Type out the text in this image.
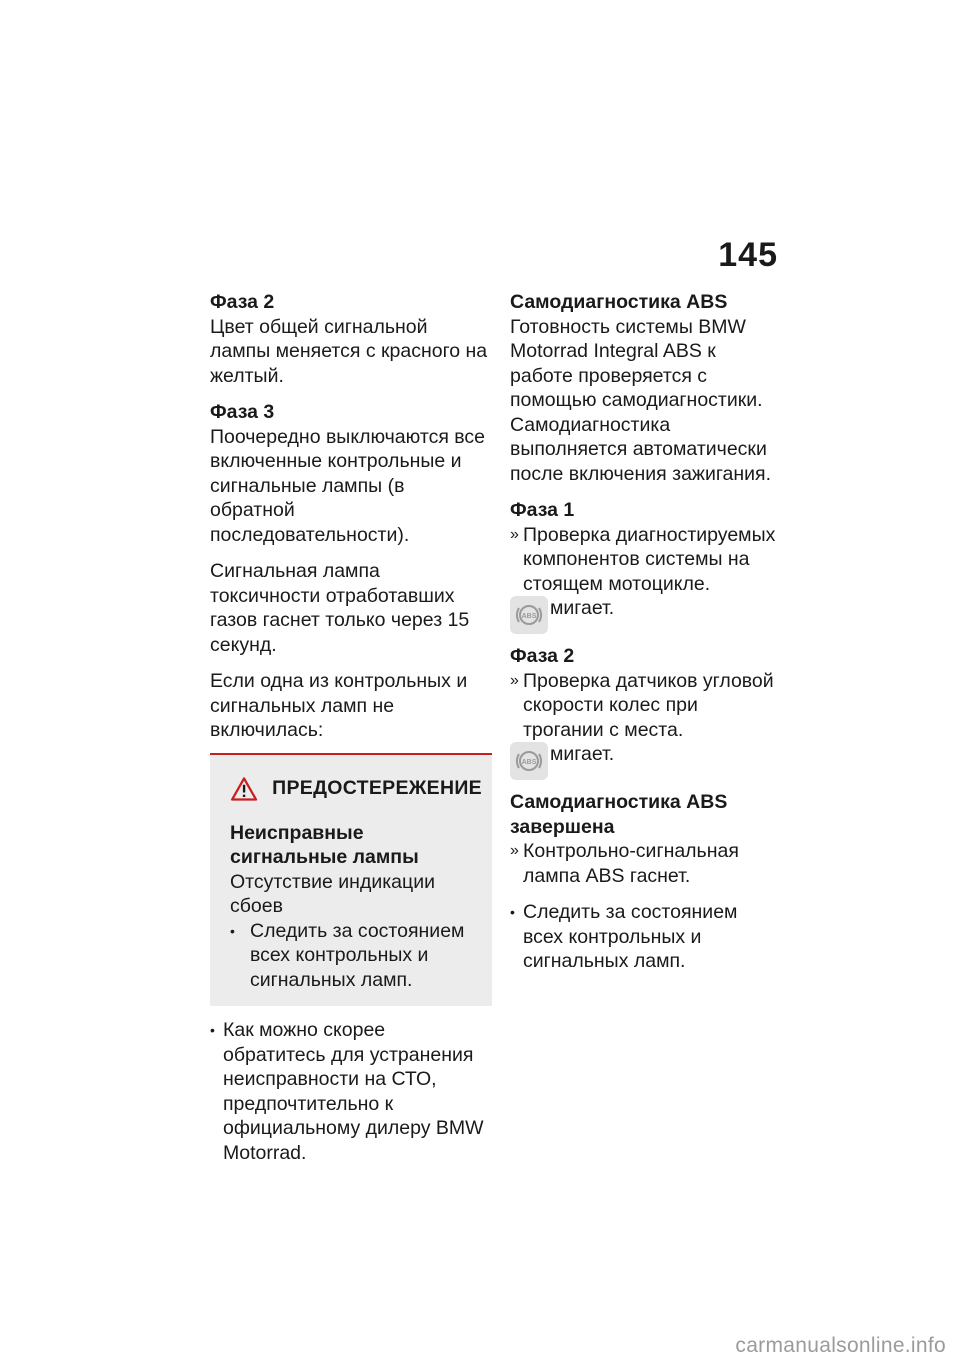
145

Фаза 2

Цвет общей сигнальной лампы меняется с красного на желтый.

Фаза 3

Поочередно выключаются все включенные контрольные и сигнальные лампы (в обратной последовательности).

Сигнальная лампа токсичности отработавших газов гаснет только через 15 секунд.

Если одна из контрольных и сигнальных ламп не включилась:

ПРЕДОСТЕРЕЖЕНИЕ

Неисправные сигнальные лампы

Отсутствие индикации сбоев

• Следить за состоянием всех контрольных и сигнальных ламп.

• Как можно скорее обратитесь для устранения неисправности на СТО, предпочтительно к официальному дилеру BMW Motorrad.

Самодиагностика ABS

Готовность системы BMW Motorrad Integral ABS к работе проверяется с помощью самодиагностики. Самодиагностика выполняется автоматически после включения зажигания.

Фаза 1

» Проверка диагностируемых компонентов системы на стоящем мотоцикле.

ABS мигает.

Фаза 2

» Проверка датчиков угловой скорости колес при трогании с места.

ABS мигает.

Самодиагностика ABS завершена

» Контрольно-сигнальная лампа ABS гаснет.

• Следить за состоянием всех контрольных и сигнальных ламп.

carmanualsonline.info
